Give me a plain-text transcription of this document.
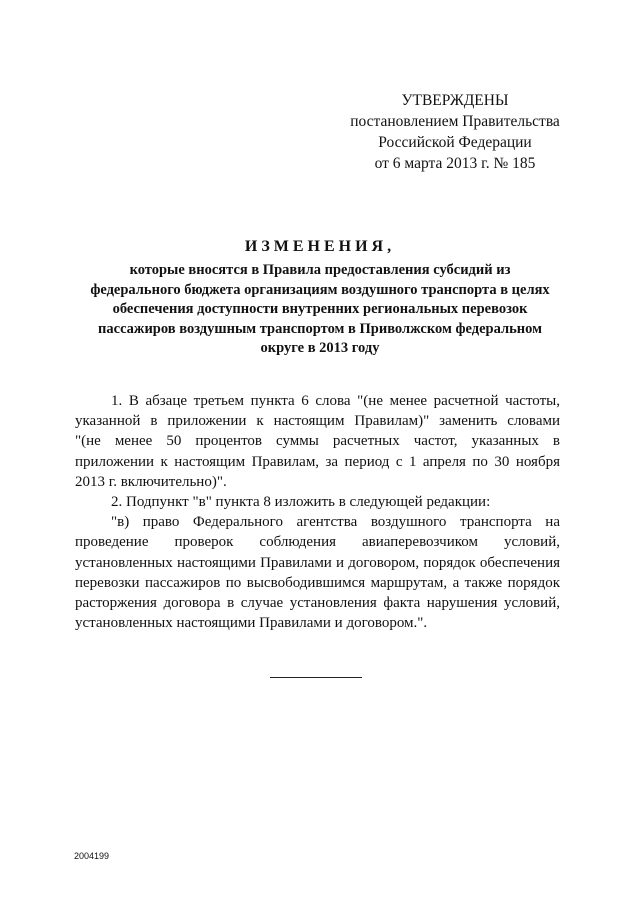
УТВЕРЖДЕНЫ
постановлением Правительства
Российской Федерации
от 6 марта 2013 г. № 185
ИЗМЕНЕНИЯ,
которые вносятся в Правила предоставления субсидий из
федерального бюджета организациям воздушного транспорта в целях
обеспечения доступности внутренних региональных перевозок
пассажиров воздушным транспортом в Приволжском федеральном
округе в 2013 году
1. В абзаце третьем пункта 6 слова "(не менее расчетной частоты,
указанной в приложении к настоящим Правилам)" заменить словами
"(не менее 50 процентов суммы расчетных частот, указанных в
приложении к настоящим Правилам, за период с 1 апреля по 30 ноября
2013 г. включительно)".
2. Подпункт "в" пункта 8 изложить в следующей редакции:
"в) право Федерального агентства воздушного транспорта на
проведение проверок соблюдения авиаперевозчиком условий,
установленных настоящими Правилами и договором, порядок обеспечения
перевозки пассажиров по высвободившимся маршрутам, а также порядок
расторжения договора в случае установления факта нарушения условий,
установленных настоящими Правилами и договором.".
2004199
